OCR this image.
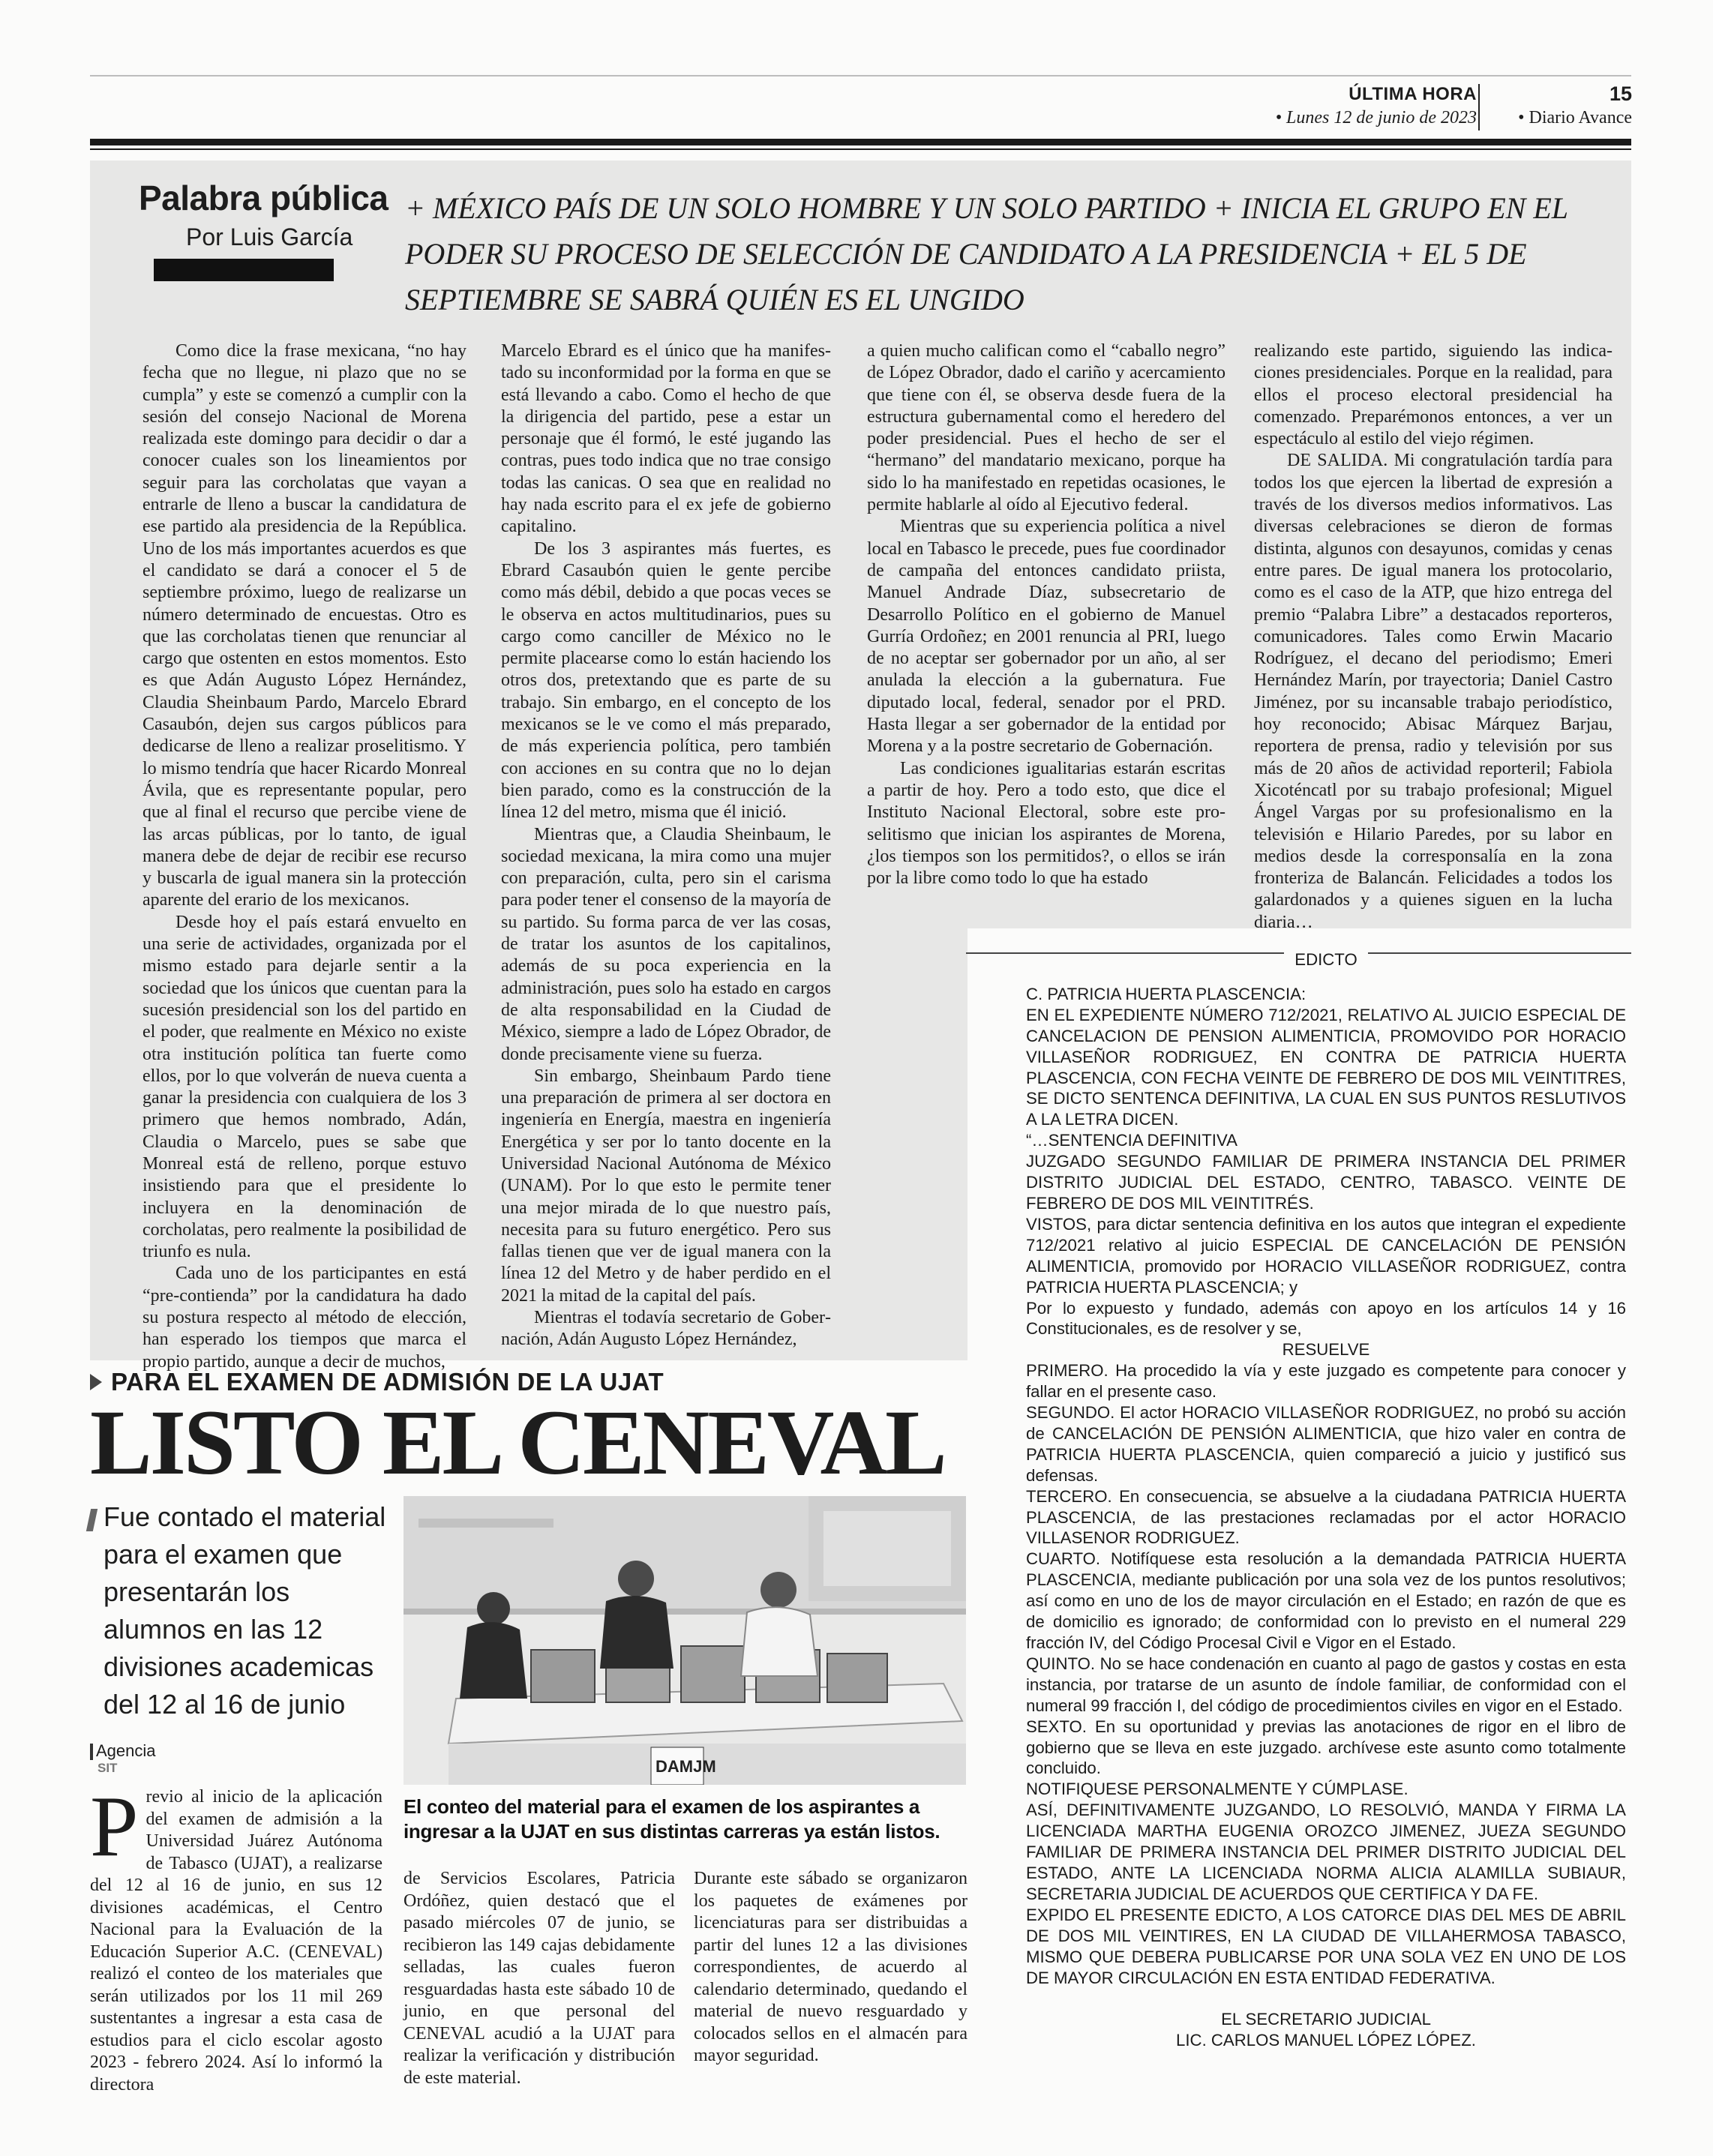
ÚLTIMA HORA	15
• Lunes 12 de junio de 2023 • Diario Avance
Palabra pública
Por Luis García
+ MÉXICO PAÍS DE UN SOLO HOMBRE Y UN SOLO PARTIDO + INICIA EL GRUPO EN EL PODER SU PROCESO DE SELECCIÓN DE CANDIDATO A LA PRESIDENCIA + EL 5 DE SEPTIEMBRE SE SABRÁ QUIÉN ES EL UNGIDO

Como dice la frase mexicana, “no hay fecha que no llegue, ni plazo que no se cumpla” y este se comenzó a cumplir con la sesión del consejo Nacional de Morena realizada este domingo para decidir o dar a conocer cuales son los lineamientos por seguir para las corcholatas que vayan a entrarle de lleno a buscar la candidatura de ese partido ala presidencia de la República. Uno de los más importantes acuerdos es que el candidato se dará a conocer el 5 de septiembre próximo, luego de realizarse un número determinado de encuestas. Otro es que las corcholatas tienen que renunciar al cargo que ostenten en estos momentos. Esto es que Adán Augusto López Hernández, Claudia Sheinbaum Pardo, Marcelo Ebrard Casaubón, dejen sus cargos públicos para dedicarse de lleno a realizar proselitismo. Y lo mismo tendría que hacer Ricardo Monreal Ávila, que es representante popular, pero que al final el recurso que percibe viene de las arcas públicas, por lo tanto, de igual manera debe de dejar de recibir ese recurso y buscarla de igual manera sin la protección aparente del erario de los mexicanos.

Desde hoy el país estará envuelto en una serie de actividades, organizada por el mismo estado para dejarle sentir a la sociedad que los únicos que cuentan para la sucesión presidencial son los del partido en el poder, que realmente en México no existe otra institución política tan fuerte como ellos, por lo que volverán de nueva cuenta a ganar la presidencia con cualquiera de los 3 primero que hemos nombrado, Adán, Claudia o Marcelo, pues se sabe que Monreal está de relleno, porque estuvo insistiendo para que el presidente lo incluyera en la denominación de corcholatas, pero realmente la posibilidad de triunfo es nula.

Cada uno de los participantes en está “pre-contienda” por la candidatura ha dado su postura respecto al método de elección, han esperado los tiempos que marca el propio partido, aunque a decir de muchos,

Marcelo Ebrard es el único que ha manifestado su inconformidad por la forma en que se está llevando a cabo. Como el hecho de que la dirigencia del partido, pese a estar un personaje que él formó, le esté jugando las contras, pues todo indica que no trae consigo todas las canicas. O sea que en realidad no hay nada escrito para el ex jefe de gobierno capitalino.

De los 3 aspirantes más fuertes, es Ebrard Casaubón quien le gente percibe como más débil, debido a que pocas veces se le observa en actos multitudinarios, pues su cargo como canciller de México no le permite placearse como lo están haciendo los otros dos, pretextando que es parte de su trabajo. Sin embargo, en el concepto de los mexicanos se le ve como el más preparado, de más experiencia política, pero también con acciones en su contra que no lo dejan bien parado, como es la construcción de la línea 12 del metro, misma que él inició.

Mientras que, a Claudia Sheinbaum, le sociedad mexicana, la mira como una mujer con preparación, culta, pero sin el carisma para poder tener el consenso de la mayoría de su partido. Su forma parca de ver las cosas, de tratar los asuntos de los capitalinos, además de su poca experiencia en la administración, pues solo ha estado en cargos de alta responsabilidad en la Ciudad de México, siempre a lado de López Obrador, de donde precisamente viene su fuerza.

Sin embargo, Sheinbaum Pardo tiene una preparación de primera al ser doctora en ingeniería en Energía, maestra en ingeniería Energética y ser por lo tanto docente en la Universidad Nacional Autónoma de México (UNAM). Por lo que esto le permite tener una mejor mirada de lo que nuestro país, necesita para su futuro energético. Pero sus fallas tienen que ver de igual manera con la línea 12 del Metro y de haber perdido en el 2021 la mitad de la capital del país.

Mientras el todavía secretario de Gobernación, Adán Augusto López Hernández,

a quien mucho califican como el “caballo negro” de López Obrador, dado el cariño y acercamiento que tiene con él, se observa desde fuera de la estructura gubernamental como el heredero del poder presidencial. Pues el hecho de ser el “hermano” del mandatario mexicano, porque ha sido lo ha manifestado en repetidas ocasiones, le permite hablarle al oído al Ejecutivo federal.

Mientras que su experiencia política a nivel local en Tabasco le precede, pues fue coordinador de campaña del entonces candidato priista, Manuel Andrade Díaz, subsecretario de Desarrollo Político en el gobierno de Manuel Gurría Ordoñez; en 2001 renuncia al PRI, luego de no aceptar ser gobernador por un año, al ser anulada la elección a la gubernatura. Fue diputado local, federal, senador por el PRD. Hasta llegar a ser gobernador de la entidad por Morena y a la postre secretario de Gobernación.

Las condiciones igualitarias estarán escritas a partir de hoy. Pero a todo esto, que dice el Instituto Nacional Electoral, sobre este proselitismo que inician los aspirantes de Morena, ¿los tiempos son los permitidos?, o ellos se irán por la libre como todo lo que ha estado

realizando este partido, siguiendo las indicaciones presidenciales. Porque en la realidad, para ellos el proceso electoral presidencial ha comenzado. Preparémonos entonces, a ver un espectáculo al estilo del viejo régimen.

DE SALIDA. Mi congratulación tardía para todos los que ejercen la libertad de expresión a través de los diversos medios informativos. Las diversas celebraciones se dieron de formas distinta, algunos con desayunos, comidas y cenas entre pares. De igual manera los protocolario, como es el caso de la ATP, que hizo entrega del premio “Palabra Libre” a destacados reporteros, comunicadores. Tales como Erwin Macario Rodríguez, el decano del periodismo; Emeri Hernández Marín, por trayectoria; Daniel Castro Jiménez, por su incansable trabajo periodístico, hoy reconocido; Abisac Márquez Barjau, reportera de prensa, radio y televisión por sus más de 20 años de actividad reporteril; Fabiola Xicoténcatl por su trabajo profesional; Miguel Ángel Vargas por su profesionalismo en la televisión e Hilario Paredes, por su labor en medios desde la corresponsalía en la zona fronteriza de Balancán. Felicidades a todos los galardonados y a quienes siguen en la lucha diaria…

PARA EL EXAMEN DE ADMISIÓN DE LA UJAT
LISTO EL CENEVAL
Fue contado el material para el examen que presentarán los alumnos en las 12 divisiones academicas del 12 al 16 de junio
Agencia
SIT	DAMJM
El conteo del material para el examen de los aspirantes a ingresar a la UJAT en sus distintas carreras ya están listos.

Previo al inicio de la aplicación del examen de admisión a la Universidad Juárez Autónoma de Tabasco (UJAT), a realizarse del 12 al 16 de junio, en sus 12 divisiones académicas, el Centro Nacional para la Evaluación de la Educación Superior A.C. (CENEVAL) realizó el conteo de los materiales que serán utilizados por los 11 mil 269 sustentantes a ingresar a esta casa de estudios para el ciclo escolar agosto 2023 - febrero 2024. Así lo informó la directora

de Servicios Escolares, Patricia Ordóñez, quien destacó que el pasado miércoles 07 de junio, se recibieron las 149 cajas debidamente selladas, las cuales fueron resguardadas hasta este sábado 10 de junio, en que personal del CENEVAL acudió a la UJAT para realizar la verificación y distribución de este material.

Durante este sábado se organizaron los paquetes de exámenes por licenciaturas para ser distribuidas a partir del lunes 12 a las divisiones correspondientes, de acuerdo al calendario determinado, quedando el material de nuevo resguardado y colocados sellos en el almacén para mayor seguridad.

EDICTO

C. PATRICIA HUERTA PLASCENCIA:

EN EL EXPEDIENTE NÚMERO 712/2021, RELATIVO AL JUICIO ESPECIAL DE CANCELACION DE PENSION ALIMENTICIA, PROMOVIDO POR HORACIO VILLASEÑOR RODRIGUEZ, EN CONTRA DE PATRICIA HUERTA PLASCENCIA, CON FECHA VEINTE DE FEBRERO DE DOS MIL VEINTITRES, SE DICTO SENTENCA DEFINITIVA, LA CUAL EN SUS PUNTOS RESLUTIVOS A LA LETRA DICEN.

“…SENTENCIA DEFINITIVA

JUZGADO SEGUNDO FAMILIAR DE PRIMERA INSTANCIA DEL PRIMER DISTRITO JUDICIAL DEL ESTADO, CENTRO, TABASCO. VEINTE DE FEBRERO DE DOS MIL VEINTITRÉS.

VISTOS, para dictar sentencia definitiva en los autos que integran el expediente 712/2021 relativo al juicio ESPECIAL DE CANCELACIÓN DE PENSIÓN ALIMENTICIA, promovido por HORACIO VILLASEÑOR RODRIGUEZ, contra PATRICIA HUERTA PLASCENCIA; y

Por lo expuesto y fundado, además con apoyo en los artículos 14 y 16 Constitucionales, es de resolver y se,

RESUELVE

PRIMERO. Ha procedido la vía y este juzgado es competente para conocer y fallar en el presente caso.

SEGUNDO. El actor HORACIO VILLASEÑOR RODRIGUEZ, no probó su acción de CANCELACIÓN DE PENSIÓN ALIMENTICIA, que hizo valer en contra de PATRICIA HUERTA PLASCENCIA, quien compareció a juicio y justificó sus defensas.

TERCERO. En consecuencia, se absuelve a la ciudadana PATRICIA HUERTA PLASCENCIA, de las prestaciones reclamadas por el actor HORACIO VILLASENOR RODRIGUEZ.

CUARTO. Notifíquese esta resolución a la demandada PATRICIA HUERTA PLASCENCIA, mediante publicación por una sola vez de los puntos resolutivos; así como en uno de los de mayor circulación en el Estado; en razón de que es de domicilio es ignorado; de conformidad con lo previsto en el numeral 229 fracción IV, del Código Procesal Civil e Vigor en el Estado.

QUINTO. No se hace condenación en cuanto al pago de gastos y costas en esta instancia, por tratarse de un asunto de índole familiar, de conformidad con el numeral 99 fracción I, del código de procedimientos civiles en vigor en el Estado.

SEXTO. En su oportunidad y previas las anotaciones de rigor en el libro de gobierno que se lleva en este juzgado. archívese este asunto como totalmente concluido.

NOTIFIQUESE PERSONALMENTE Y CÚMPLASE.

ASÍ, DEFINITIVAMENTE JUZGANDO, LO RESOLVIÓ, MANDA Y FIRMA LA LICENCIADA MARTHA EUGENIA OROZCO JIMENEZ, JUEZA SEGUNDO FAMILIAR DE PRIMERA INSTANCIA DEL PRIMER DISTRITO JUDICIAL DEL ESTADO, ANTE LA LICENCIADA NORMA ALICIA ALAMILLA SUBIAUR, SECRETARIA JUDICIAL DE ACUERDOS QUE CERTIFICA Y DA FE.

EXPIDO EL PRESENTE EDICTO, A LOS CATORCE DIAS DEL MES DE ABRIL DE DOS MIL VEINTIRES, EN LA CIUDAD DE VILLAHERMOSA TABASCO, MISMO QUE DEBERA PUBLICARSE POR UNA SOLA VEZ EN UNO DE LOS DE MAYOR CIRCULACIÓN EN ESTA ENTIDAD FEDERATIVA.

EL SECRETARIO JUDICIAL

LIC. CARLOS MANUEL LÓPEZ LÓPEZ.
